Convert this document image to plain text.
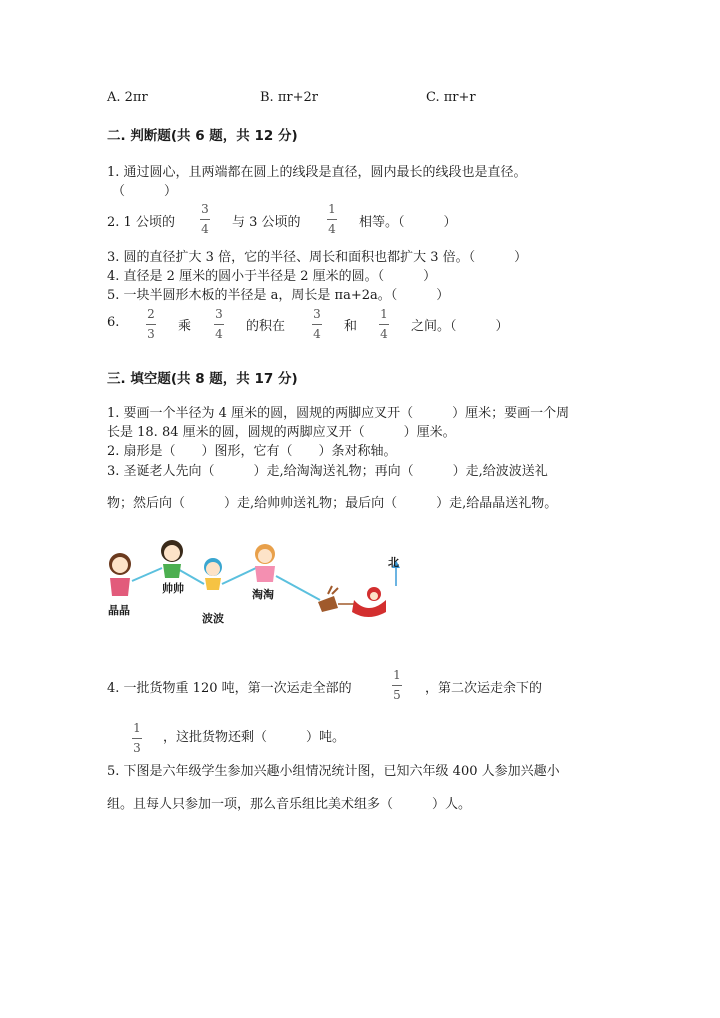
A. 2πr	B. πr+2r	C. πr+r
二. 判断题(共 6 题，共 12 分)
1. 通过圆心，且两端都在圆上的线段是直径，圆内最长的线段也是直径。
（　　　）
2. 1 公顷的
3
4 与 3 公顷的
1
4 相等。（　　　）
3. 圆的直径扩大 3 倍，它的半径、周长和面积也都扩大 3 倍。（　　　）
4. 直径是 2 厘米的圆小于半径是 2 厘米的圆。（　　　）
5. 一块半圆形木板的半径是 a，周长是 πa+2a。（　　　）
6.
2
3 乘
3
4 的积在
3
4 和
1
4 之间。（　　　）
三. 填空题(共 8 题，共 17 分)
1. 要画一个半径为 4 厘米的圆，圆规的两脚应叉开（　　　）厘米；要画一个周
长是 18. 84 厘米的圆，圆规的两脚应叉开（　　　）厘米。
2. 扇形是（　　）图形，它有（　　）条对称轴。
3. 圣诞老人先向（　　　）走,给淘淘送礼物；再向（　　　）走,给波波送礼
物；然后向（　　　）走,给帅帅送礼物；最后向（　　　）走,给晶晶送礼物。
晶晶
帅帅
波波
淘淘
北
4. 一批货物重 120 吨，第一次运走全部的
1
5 ，第二次运走余下的
1
3
，这批货物还剩（　　　）吨。
5. 下图是六年级学生参加兴趣小组情况统计图，已知六年级 400 人参加兴趣小
组。且每人只参加一项，那么音乐组比美术组多（　　　）人。
